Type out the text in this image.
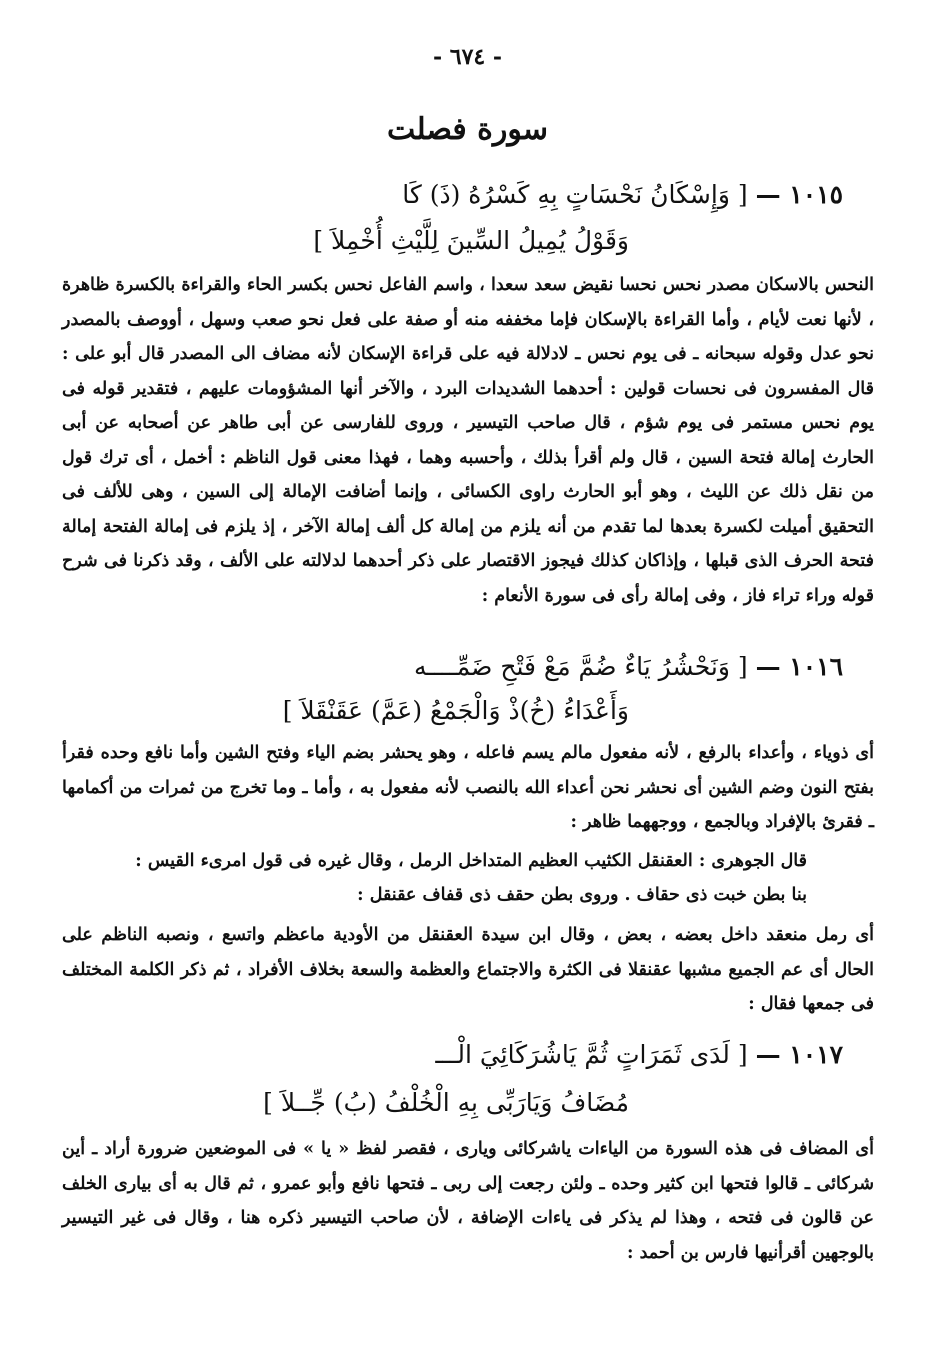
- ٦٧٤ -
سورة فصلت
١٠١٥ — [ وَإِسْكَانُ نَحْسَاتٍ بِهِ كَسْرُهُ (ذَ) كَا
وَقَوْلُ يُمِيلُ السِّينَ لِلَّيْثِ أُخْمِلاَ ]
النحس بالاسكان مصدر نحس نحسا نقيض سعد سعدا ، واسم الفاعل نحس بكسر الحاء والقراءة بالكسرة ظاهرة ، لأنها نعت لأيام ، وأما القراءة بالإسكان فإما مخففه منه أو صفة على فعل نحو صعب وسهل ، أووصف بالمصدر نحو عدل وقوله سبحانه ـ فى يوم نحس ـ لادلالة فيه على قراءة الإسكان لأنه مضاف الى المصدر قال أبو على : قال المفسرون فى نحسات قولين : أحدهما الشديدات البرد ، والآخر أنها المشؤومات عليهم ، فتقدير قوله فى يوم نحس مستمر فى يوم شؤم ، قال صاحب التيسير ، وروى للفارسى عن أبى طاهر عن أصحابه عن أبى الحارث إمالة فتحة السين ، قال ولم أقرأ بذلك ، وأحسبه وهما ، فهذا معنى قول الناظم : أخمل ، أى ترك قول من نقل ذلك عن الليث ، وهو أبو الحارث راوى الكسائى ، وإنما أضافت الإمالة إلى السين ، وهى للألف فى التحقيق أميلت لكسرة بعدها لما تقدم من أنه يلزم من إمالة كل ألف إمالة الآخر ، إذ يلزم فى إمالة الفتحة إمالة فتحة الحرف الذى قبلها ، وإذاكان كذلك فيجوز الاقتصار على ذكر أحدهما لدلالته على الألف ، وقد ذكرنا فى شرح قوله وراء تراء فاز ، وفى إمالة رأى فى سورة الأنعام :
١٠١٦ — [ وَنَحْشُرُ يَاءٌ ضُمَّ مَعْ فَتْحِ ضَمِّــــه
وَأَعْدَاءُ (خُ)ذْ وَالْجَمْعُ (عَمَّ) عَقَنْقَلاَ ]
أى ذوياء ، وأعداء بالرفع ، لأنه مفعول مالم يسم فاعله ، وهو يحشر بضم الياء وفتح الشين وأما نافع وحده فقرأ بفتح النون وضم الشين أى نحشر نحن أعداء الله بالنصب لأنه مفعول به ، وأما ـ وما تخرج من ثمرات من أكمامها ـ فقرئ بالإفراد وبالجمع ، ووجههما ظاهر :
قال الجوهرى : العقنقل الكثيب العظيم المتداخل الرمل ، وقال غيره فى قول امرىء القيس :
بنا بطن خبت ذى حقاف . وروى بطن حقف ذى قفاف عقنقل :
أى رمل منعقد داخل بعضه ، بعض ، وقال ابن سيدة العقنقل من الأودية ماعظم واتسع ، ونصبه الناظم على الحال أى عم الجميع مشبها عقنقلا فى الكثرة والاجتماع والعظمة والسعة بخلاف الأفراد ، ثم ذكر الكلمة المختلف فى جمعها فقال :
١٠١٧ — [ لَدَى ثَمَرَاتٍ ثُمَّ يَاشُرَكَائِيَ الْـــ
مُضَافُ وَيَارَبِّى بِهِ الْخُلْفُ (بُ) جِّــلاَ ]
أى المضاف فى هذه السورة من الياءات ياشركائى ويارى ، فقصر لفظ « يا » فى الموضعين ضرورة أراد ـ أين شركائى ـ قالوا فتحها ابن كثير وحده ـ ولئن رجعت إلى ربى ـ فتحها نافع وأبو عمرو ، ثم قال به أى بيارى الخلف عن قالون فى فتحه ، وهذا لم يذكر فى ياءات الإضافة ، لأن صاحب التيسير ذكره هنا ، وقال فى غير التيسير بالوجهين أقرأنيها فارس بن أحمد :
